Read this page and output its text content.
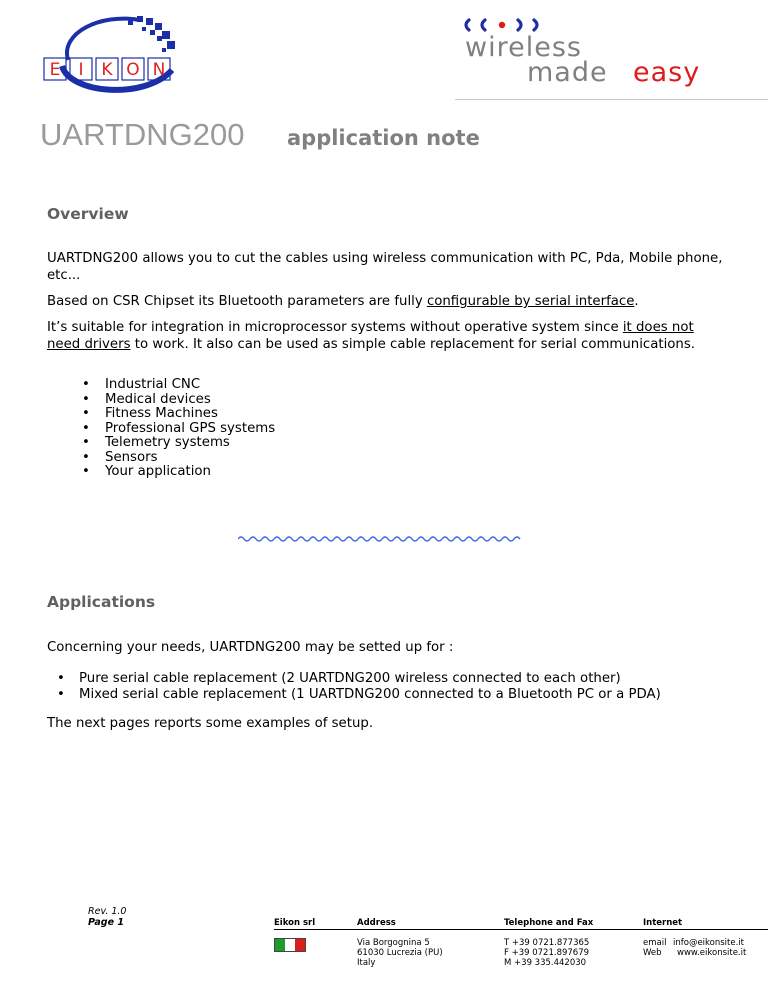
E I K O N
wireless
made easy
UARTDNG200 application note
Overview

UARTDNG200 allows you to cut the cables using wireless communication with PC, Pda, Mobile phone, etc...

Based on CSR Chipset its Bluetooth parameters are fully configurable by serial interface.

It’s suitable for integration in microprocessor systems without operative system since it does not need drivers to work. It also can be used as simple cable replacement for serial communications.

• Industrial CNC
• Medical devices
• Fitness Machines
• Professional GPS systems
• Telemetry systems
• Sensors
• Your application
Applications

Concerning your needs, UARTDNG200 may be setted up for :

• Pure serial cable replacement (2 UARTDNG200 wireless connected to each other)
• Mixed serial cable replacement (1 UARTDNG200 connected to a Bluetooth PC or a PDA)

The next pages reports some examples of setup.

Rev. 1.0
Page 1	Eikon srl	Address	Telephone and Fax	Internet
Via Borgognina 5
61030 Lucrezia (PU)
Italy
T +39 0721.877365
F +39 0721.897679
M +39 335.442030
email info@eikonsite.it
Web www.eikonsite.it
